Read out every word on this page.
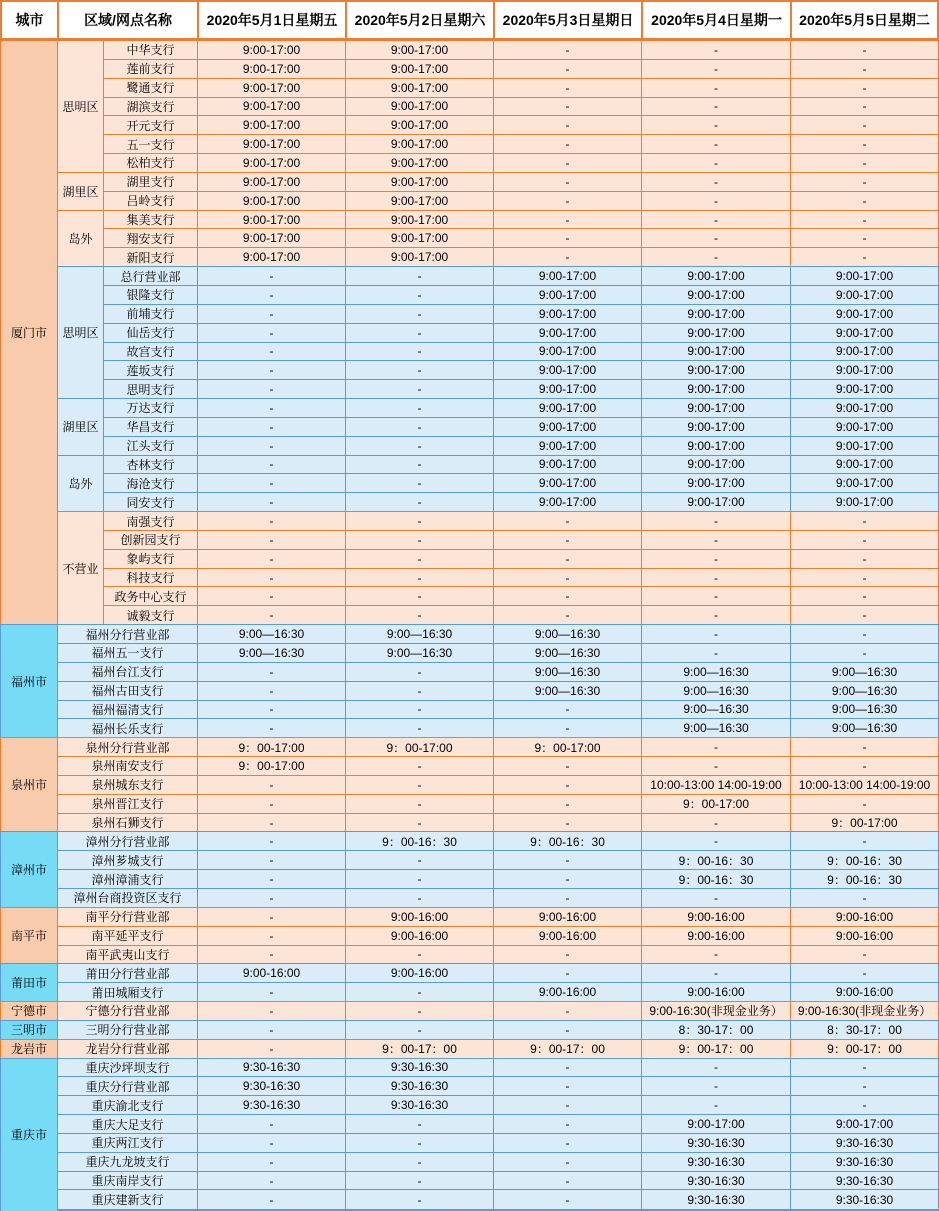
城市	区域/网点名称		2020年5月1日星期五	2020年5月2日星期六	2020年5月3日星期日	2020年5月4日星期一	2020年5月5日星期二
厦门市	思明区	中华支行	9:00-17:00	9:00-17:00	-	-	-
		莲前支行	9:00-17:00	9:00-17:00	-	-	-
		鹭通支行	9:00-17:00	9:00-17:00	-	-	-
		湖滨支行	9:00-17:00	9:00-17:00	-	-	-
		开元支行	9:00-17:00	9:00-17:00	-	-	-
		五一支行	9:00-17:00	9:00-17:00	-	-	-
		松柏支行	9:00-17:00	9:00-17:00	-	-	-
	湖里区	湖里支行	9:00-17:00	9:00-17:00	-	-	-
		吕岭支行	9:00-17:00	9:00-17:00	-	-	-
	岛外	集美支行	9:00-17:00	9:00-17:00	-	-	-
		翔安支行	9:00-17:00	9:00-17:00	-	-	-
		新阳支行	9:00-17:00	9:00-17:00	-	-	-
	思明区	总行营业部	-	-	9:00-17:00	9:00-17:00	9:00-17:00
		银隆支行	-	-	9:00-17:00	9:00-17:00	9:00-17:00
		前埔支行	-	-	9:00-17:00	9:00-17:00	9:00-17:00
		仙岳支行	-	-	9:00-17:00	9:00-17:00	9:00-17:00
		故宫支行	-	-	9:00-17:00	9:00-17:00	9:00-17:00
		莲坂支行	-	-	9:00-17:00	9:00-17:00	9:00-17:00
		思明支行	-	-	9:00-17:00	9:00-17:00	9:00-17:00
	湖里区	万达支行	-	-	9:00-17:00	9:00-17:00	9:00-17:00
		华昌支行	-	-	9:00-17:00	9:00-17:00	9:00-17:00
		江头支行	-	-	9:00-17:00	9:00-17:00	9:00-17:00
	岛外	杏林支行	-	-	9:00-17:00	9:00-17:00	9:00-17:00
		海沧支行	-	-	9:00-17:00	9:00-17:00	9:00-17:00
		同安支行	-	-	9:00-17:00	9:00-17:00	9:00-17:00
	不营业	南强支行	-	-	-	-	-
		创新园支行	-	-	-	-	-
		象屿支行	-	-	-	-	-
		科技支行	-	-	-	-	-
		政务中心支行	-	-	-	-	-
		诚毅支行	-	-	-	-	-
福州市	福州分行营业部		9:00—16:30	9:00—16:30	9:00—16:30	-	-
	福州五一支行		9:00—16:30	9:00—16:30	9:00—16:30	-	-
	福州台江支行		-	-	9:00—16:30	9:00—16:30	9:00—16:30
	福州古田支行		-	-	9:00—16:30	9:00—16:30	9:00—16:30
	福州福清支行		-	-	-	9:00—16:30	9:00—16:30
	福州长乐支行		-	-	-	9:00—16:30	9:00—16:30
泉州市	泉州分行营业部		9：00-17:00	9：00-17:00	9：00-17:00	-	-
	泉州南安支行		9：00-17:00	-	-	-	-
	泉州城东支行		-	-	-	10:00-13:00 14:00-19:00	10:00-13:00 14:00-19:00
	泉州晋江支行		-	-	-	9：00-17:00	-
	泉州石狮支行		-	-	-	-	9：00-17:00
漳州市	漳州分行营业部		-	9：00-16：30	9：00-16：30	-	-
	漳州芗城支行		-	-	-	9：00-16：30	9：00-16：30
	漳州漳浦支行		-	-	-	9：00-16：30	9：00-16：30
	漳州台商投资区支行		-	-	-	-	-
南平市	南平分行营业部		-	9:00-16:00	9:00-16:00	9:00-16:00	9:00-16:00
	南平延平支行		-	9:00-16:00	9:00-16:00	9:00-16:00	9:00-16:00
	南平武夷山支行		-	-	-	-	-
莆田市	莆田分行营业部		9:00-16:00	9:00-16:00	-	-	-
	莆田城厢支行		-	-	9:00-16:00	9:00-16:00	9:00-16:00
宁德市	宁德分行营业部		-	-	-	9:00-16:30(非现金业务）	9:00-16:30(非现金业务）
三明市	三明分行营业部		-	-	-	8：30-17：00	8：30-17：00
龙岩市	龙岩分行营业部		-	9：00-17：00	9：00-17：00	9：00-17：00	9：00-17：00
重庆市	重庆沙坪坝支行		9:30-16:30	9:30-16:30	-	-	-
	重庆分行营业部		9:30-16:30	9:30-16:30	-	-	-
	重庆渝北支行		9:30-16:30	9:30-16:30	-	-	-
	重庆大足支行		-	-	-	9:00-17:00	9:00-17:00
	重庆两江支行		-	-	-	9:30-16:30	9:30-16:30
	重庆九龙坡支行		-	-	-	9:30-16:30	9:30-16:30
	重庆南岸支行		-	-	-	9:30-16:30	9:30-16:30
	重庆建新支行		-	-	-	9:30-16:30	9:30-16:30
